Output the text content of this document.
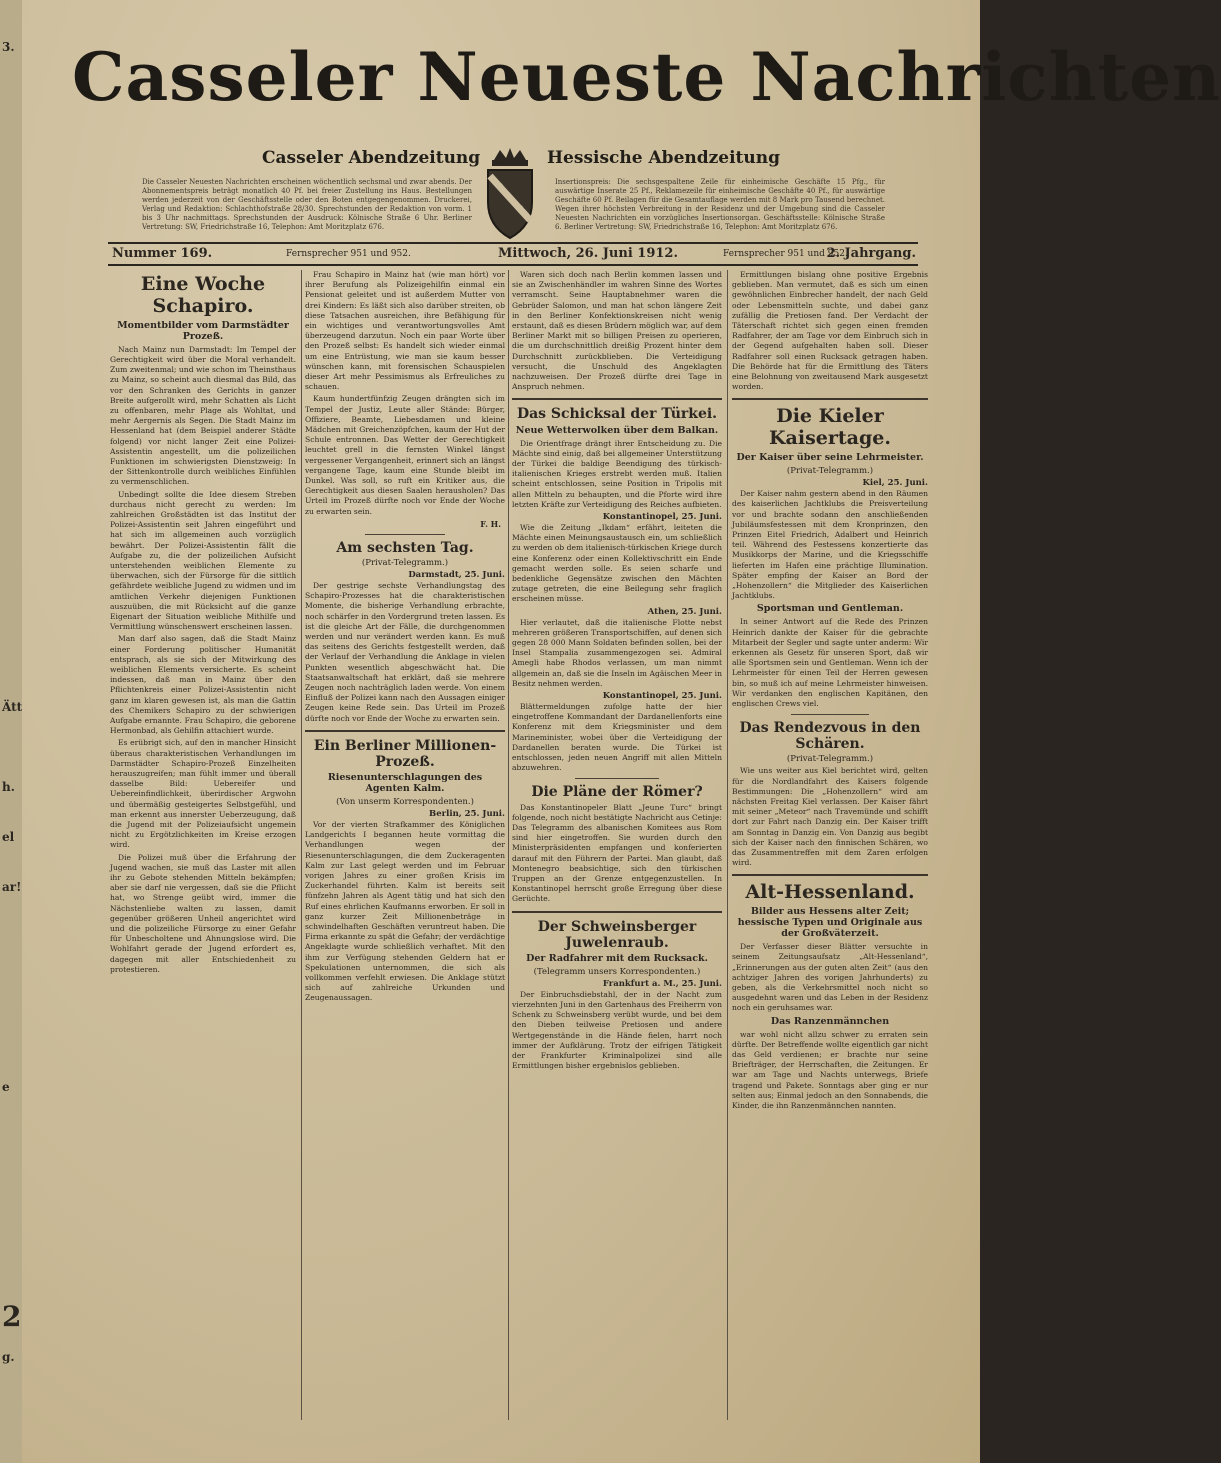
3.
Ätt
h.
el
ar!
e
2
g.
Casseler Neueste Nachrichten
Casseler Abendzeitung	Hessische Abendzeitung
Die Casseler Neuesten Nachrichten erscheinen wöchentlich sechsmal und zwar abends. Der Abonnementspreis beträgt monatlich 40 Pf. bei freier Zustellung ins Haus. Bestellungen werden jederzeit von der Geschäftsstelle oder den Boten entgegengenommen. Druckerei, Verlag und Redaktion: Schlachthofstraße 28/30. Sprechstunden der Redaktion von vorm. 1 bis 3 Uhr nachmittags. Sprechstunden der Ausdruck: Kölnische Straße 6 Uhr. Berliner Vertretung: SW, Friedrichstraße 16, Telephon: Amt Moritzplatz 676.
Insertionspreis: Die sechsgespaltene Zeile für einheimische Geschäfte 15 Pfg., für auswärtige Inserate 25 Pf., Reklamezeile für einheimische Geschäfte 40 Pf., für auswärtige Geschäfte 60 Pf. Beilagen für die Gesamtauflage werden mit 8 Mark pro Tausend berechnet. Wegen ihrer höchsten Verbreitung in der Residenz und der Umgebung sind die Casseler Neuesten Nachrichten ein vorzügliches Insertionsorgan. Geschäftsstelle: Kölnische Straße 6. Berliner Vertretung: SW, Friedrichstraße 16, Telephon: Amt Moritzplatz 676.
Nummer 169.	Fernsprecher 951 und 952.	Mittwoch, 26. Juni 1912.	Fernsprecher 951 und 952.
2. Jahrgang.
Eine Woche Schapiro.
Momentbilder vom Darmstädter Prozeß.

Nach Mainz nun Darmstadt: Im Tempel der Gerechtigkeit wird über die Moral verhandelt. Zum zweitenmal; und wie schon im Theinsthaus zu Mainz, so scheint auch diesmal das Bild, das vor den Schranken des Gerichts in ganzer Breite aufgerollt wird, mehr Schatten als Licht zu offenbaren, mehr Plage als Wohltat, und mehr Aergernis als Segen. Die Stadt Mainz im Hessenland hat (dem Beispiel anderer Städte folgend) vor nicht langer Zeit eine Polizei-Assistentin angestellt, um die polizeilichen Funktionen im schwierigsten Dienstzweig: In der Sittenkontrolle durch weibliches Einfühlen zu vermenschlichen.

Unbedingt sollte die Idee diesem Streben durchaus nicht gerecht zu werden: Im zahlreichen Großstädten ist das Institut der Polizei-Assistentin seit Jahren eingeführt und hat sich im allgemeinen auch vorzüglich bewährt. Der Polizei-Assistentin fällt die Aufgabe zu, die der polizeilichen Aufsicht unterstehenden weiblichen Elemente zu überwachen, sich der Fürsorge für die sittlich gefährdete weibliche Jugend zu widmen und im amtlichen Verkehr diejenigen Funktionen auszuüben, die mit Rücksicht auf die ganze Eigenart der Situation weibliche Mithilfe und Vermittlung wünschenswert erscheinen lassen.

Man darf also sagen, daß die Stadt Mainz einer Forderung politischer Humanität entsprach, als sie sich der Mitwirkung des weiblichen Elements versicherte. Es scheint indessen, daß man in Mainz über den Pflichtenkreis einer Polizei-Assistentin nicht ganz im klaren gewesen ist, als man die Gattin des Chemikers Schapiro zu der schwierigen Aufgabe ernannte. Frau Schapiro, die geborene Hermonbad, als Gehilfin attachiert wurde.

Es erübrigt sich, auf den in mancher Hinsicht überaus charakteristischen Verhandlungen im Darmstädter Schapiro-Prozeß Einzelheiten herauszugreifen; man fühlt immer und überall dasselbe Bild: Uebereifer und Uebereinfindlichkeit, überirdischer Argwohn und übermäßig gesteigertes Selbstgefühl, und man erkennt aus innerster Ueberzeugung, daß die Jugend mit der Polizeiaufsicht ungemein nicht zu Ergötzlichkeiten im Kreise erzogen wird.

Die Polizei muß über die Erfahrung der Jugend wachen, sie muß das Laster mit allen ihr zu Gebote stehenden Mitteln bekämpfen; aber sie darf nie vergessen, daß sie die Pflicht hat, wo Strenge geübt wird, immer die Nächstenliebe walten zu lassen, damit gegenüber größeren Unheil angerichtet wird und die polizeiliche Fürsorge zu einer Gefahr für Unbescholtene und Ahnungslose wird. Die Wohlfahrt gerade der Jugend erfordert es, dagegen mit aller Entschiedenheit zu protestieren.

Frau Schapiro in Mainz hat (wie man hört) vor ihrer Berufung als Polizeigehilfin einmal ein Pensionat geleitet und ist außerdem Mutter von drei Kindern: Es läßt sich also darüber streiten, ob diese Tatsachen ausreichen, ihre Befähigung für ein wichtiges und verantwortungsvolles Amt überzeugend darzutun. Noch ein paar Worte über den Prozeß selbst: Es handelt sich wieder einmal um eine Entrüstung, wie man sie kaum besser wünschen kann, mit forensischen Schauspielen dieser Art mehr Pessimismus als Erfreuliches zu schauen.

Kaum hundertfünfzig Zeugen drängten sich im Tempel der Justiz, Leute aller Stände: Bürger, Offiziere, Beamte, Liebesdamen und kleine Mädchen mit Greichenzöpfchen, kaum der Hut der Schule entronnen. Das Wetter der Gerechtigkeit leuchtet grell in die fernsten Winkel längst vergessener Vergangenheit, erinnert sich an längst vergangene Tage, kaum eine Stunde bleibt im Dunkel. Was soll, so ruft ein Kritiker aus, die Gerechtigkeit aus diesen Saalen herausholen? Das Urteil im Prozeß dürfte noch vor Ende der Woche zu erwarten sein.

F. H.
Am sechsten Tag.
(Privat-Telegramm.)
Darmstadt, 25. Juni.

Der gestrige sechste Verhandlungstag des Schapiro-Prozesses hat die charakteristischen Momente, die bisherige Verhandlung erbrachte, noch schärfer in den Vordergrund treten lassen. Es ist die gleiche Art der Fälle, die durchgenommen werden und nur verändert werden kann. Es muß das seitens des Gerichts festgestellt werden, daß der Verlauf der Verhandlung die Anklage in vielen Punkten wesentlich abgeschwächt hat. Die Staatsanwaltschaft hat erklärt, daß sie mehrere Zeugen noch nachträglich laden werde. Von einem Einfluß der Polizei kann nach den Aussagen einiger Zeugen keine Rede sein. Das Urteil im Prozeß dürfte noch vor Ende der Woche zu erwarten sein.

Ein Berliner Millionen-Prozeß.
Riesenunterschlagungen des Agenten Kalm.
(Von unserm Korrespondenten.)
Berlin, 25. Juni.

Vor der vierten Strafkammer des Königlichen Landgerichts I begannen heute vormittag die Verhandlungen wegen der Riesenunterschlagungen, die dem Zuckeragenten Kalm zur Last gelegt werden und im Februar vorigen Jahres zu einer großen Krisis im Zuckerhandel führten. Kalm ist bereits seit fünfzehn Jahren als Agent tätig und hat sich den Ruf eines ehrlichen Kaufmanns erworben. Er soll in ganz kurzer Zeit Millionenbeträge in schwindelhaften Geschäften veruntreut haben. Die Firma erkannte zu spät die Gefahr; der verdächtige Angeklagte wurde schließlich verhaftet. Mit den ihm zur Verfügung stehenden Geldern hat er Spekulationen unternommen, die sich als vollkommen verfehlt erwiesen. Die Anklage stützt sich auf zahlreiche Urkunden und Zeugenaussagen.

Waren sich doch nach Berlin kommen lassen und sie an Zwischenhändler im wahren Sinne des Wortes verramscht. Seine Hauptabnehmer waren die Gebrüder Salomon, und man hat schon längere Zeit in den Berliner Konfektionskreisen nicht wenig erstaunt, daß es diesen Brüdern möglich war, auf dem Berliner Markt mit so billigen Preisen zu operieren, die um durchschnittlich dreißig Prozent hinter dem Durchschnitt zurückblieben. Die Verteidigung versucht, die Unschuld des Angeklagten nachzuweisen. Der Prozeß dürfte drei Tage in Anspruch nehmen.

Das Schicksal der Türkei.
Neue Wetterwolken über dem Balkan.

Die Orientfrage drängt ihrer Entscheidung zu. Die Mächte sind einig, daß bei allgemeiner Unterstützung der Türkei die baldige Beendigung des türkisch-italienischen Krieges erstrebt werden muß. Italien scheint entschlossen, seine Position in Tripolis mit allen Mitteln zu behaupten, und die Pforte wird ihre letzten Kräfte zur Verteidigung des Reiches aufbieten.

Konstantinopel, 25. Juni.

Wie die Zeitung „Ikdam“ erfährt, leiteten die Mächte einen Meinungsaustausch ein, um schließlich zu werden ob dem italienisch-türkischen Kriege durch eine Konferenz oder einen Kollektivschritt ein Ende gemacht werden solle. Es seien scharfe und bedenkliche Gegensätze zwischen den Mächten zutage getreten, die eine Beilegung sehr fraglich erscheinen müsse.

Athen, 25. Juni.

Hier verlautet, daß die italienische Flotte nebst mehreren größeren Transportschiffen, auf denen sich gegen 28 000 Mann Soldaten befinden sollen, bei der Insel Stampalia zusammengezogen sei. Admiral Amegli habe Rhodos verlassen, um man nimmt allgemein an, daß sie die Inseln im Agäischen Meer in Besitz nehmen werden.

Konstantinopel, 25. Juni.

Blättermeldungen zufolge hatte der hier eingetroffene Kommandant der Dardanellenforts eine Konferenz mit dem Kriegsminister und dem Marineminister, wobei über die Verteidigung der Dardanellen beraten wurde. Die Türkei ist entschlossen, jeden neuen Angriff mit allen Mitteln abzuwehren.

Die Pläne der Römer?

Das Konstantinopeler Blatt „Jeune Turc“ bringt folgende, noch nicht bestätigte Nachricht aus Cetinje: Das Telegramm des albanischen Komitees aus Rom sind hier eingetroffen. Sie wurden durch den Ministerpräsidenten empfangen und konferierten darauf mit den Führern der Partei. Man glaubt, daß Montenegro beabsichtige, sich den türkischen Truppen an der Grenze entgegenzustellen. In Konstantinopel herrscht große Erregung über diese Gerüchte.

Der Schweinsberger Juwelenraub.
Der Radfahrer mit dem Rucksack.
(Telegramm unsers Korrespondenten.)
Frankfurt a. M., 25. Juni.

Der Einbruchsdiebstahl, der in der Nacht zum vierzehnten Juni in den Gartenhaus des Freiherrn von Schenk zu Schweinsberg verübt wurde, und bei dem den Dieben teilweise Pretiosen und andere Wertgegenstände in die Hände fielen, harrt noch immer der Aufklärung. Trotz der eifrigen Tätigkeit der Frankfurter Kriminalpolizei sind alle Ermittlungen bisher ergebnislos geblieben.

Ermittlungen bislang ohne positive Ergebnis geblieben. Man vermutet, daß es sich um einen gewöhnlichen Einbrecher handelt, der nach Geld oder Lebensmitteln suchte, und dabei ganz zufällig die Pretiosen fand. Der Verdacht der Täterschaft richtet sich gegen einen fremden Radfahrer, der am Tage vor dem Einbruch sich in der Gegend aufgehalten haben soll. Dieser Radfahrer soll einen Rucksack getragen haben. Die Behörde hat für die Ermittlung des Täters eine Belohnung von zweitausend Mark ausgesetzt worden.

Die Kieler Kaisertage.
Der Kaiser über seine Lehrmeister.
(Privat-Telegramm.)
Kiel, 25. Juni.

Der Kaiser nahm gestern abend in den Räumen des kaiserlichen Jachtklubs die Preisverteilung vor und brachte sodann den anschließenden Jubiläumsfestessen mit dem Kronprinzen, den Prinzen Eitel Friedrich, Adalbert und Heinrich teil. Während des Festessens konzertierte das Musikkorps der Marine, und die Kriegsschiffe lieferten im Hafen eine prächtige Illumination. Später empfing der Kaiser an Bord der „Hohenzollern“ die Mitglieder des Kaiserlichen Jachtklubs.

Sportsman und Gentleman.

In seiner Antwort auf die Rede des Prinzen Heinrich dankte der Kaiser für die gebrachte Mitarbeit der Segler und sagte unter anderm: Wir erkennen als Gesetz für unseren Sport, daß wir alle Sportsmen sein und Gentleman. Wenn ich der Lehrmeister für einen Teil der Herren gewesen bin, so muß ich auf meine Lehrmeister hinweisen. Wir verdanken den englischen Kapitänen, den englischen Crews viel.

Das Rendezvous in den Schären.
(Privat-Telegramm.)

Wie uns weiter aus Kiel berichtet wird, gelten für die Nordlandfahrt des Kaisers folgende Bestimmungen: Die „Hohenzollern“ wird am nächsten Freitag Kiel verlassen. Der Kaiser fährt mit seiner „Meteor“ nach Travemünde und schifft dort zur Fahrt nach Danzig ein. Der Kaiser trifft am Sonntag in Danzig ein. Von Danzig aus begibt sich der Kaiser nach den finnischen Schären, wo das Zusammentreffen mit dem Zaren erfolgen wird.

Alt-Hessenland.
Bilder aus Hessens alter Zeit; hessische Typen und Originale aus der Großväterzeit.

Der Verfasser dieser Blätter versuchte in seinem Zeitungsaufsatz „Alt-Hessenland“, „Erinnerungen aus der guten alten Zeit“ (aus den achtziger Jahren des vorigen Jahrhunderts) zu geben, als die Verkehrsmittel noch nicht so ausgedehnt waren und das Leben in der Residenz noch ein geruhsames war.

Das Ranzenmännchen

war wohl nicht allzu schwer zu erraten sein dürfte. Der Betreffende wollte eigentlich gar nicht das Geld verdienen; er brachte nur seine Briefträger, der Herrschaften, die Zeitungen. Er war am Tage und Nachts unterwegs, Briefe tragend und Pakete. Sonntags aber ging er nur selten aus; Einmal jedoch an den Sonnabends, die Kinder, die ihn Ranzenmännchen nannten.
